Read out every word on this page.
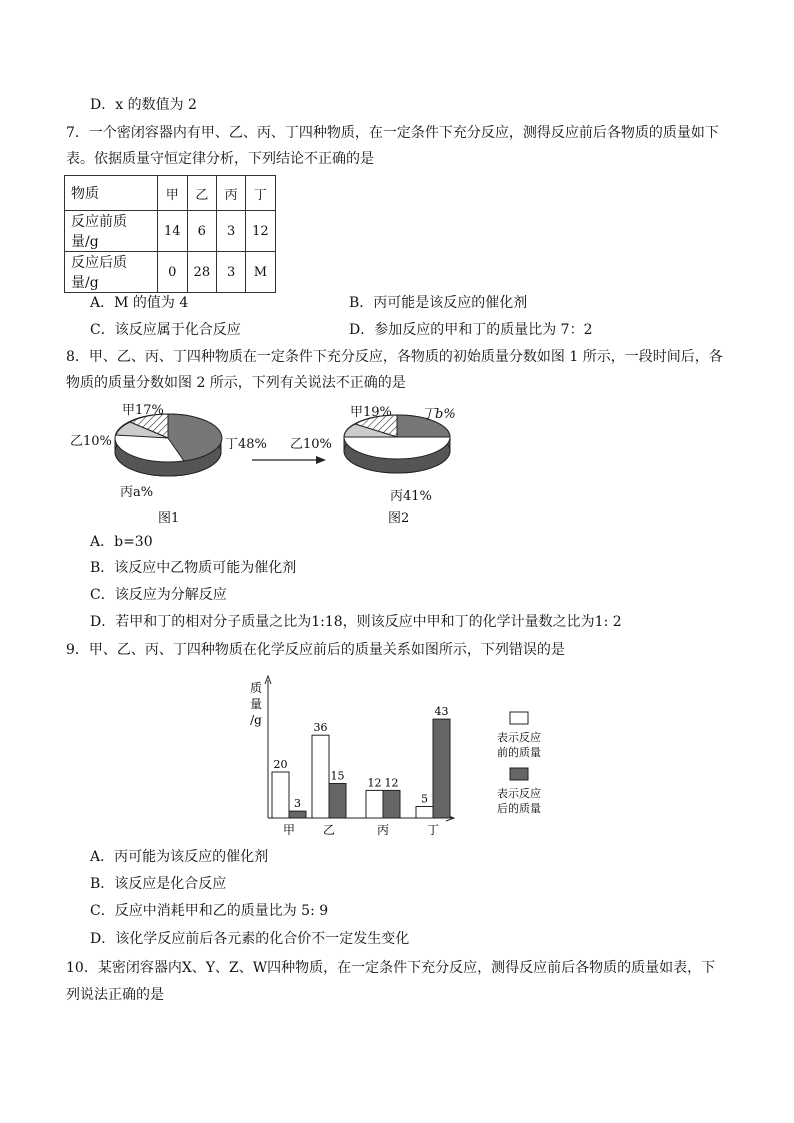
D．x 的数值为 2
7．一个密闭容器内有甲、乙、丙、丁四种物质，在一定条件下充分反应，测得反应前后各物质的质量如下
表。依据质量守恒定律分析，下列结论不正确的是
物质	甲	乙	丙	丁
反应前质量/g	14	6	3	12
反应后质量/g	0	28	3	M
A．M 的值为 4	B．丙可能是该反应的催化剂
C．该反应属于化合反应	D．参加反应的甲和丁的质量比为 7：2
8．甲、乙、丙、丁四种物质在一定条件下充分反应，各物质的初始质量分数如图 1 所示，一段时间后，各
物质的质量分数如图 2 所示，下列有关说法不正确的是
甲17%
乙10%	丁48%
丙a%
图1
甲19% 丁b%
乙10%
丙41%
图2
A．b=30
B．该反应中乙物质可能为催化剂
C．该反应为分解反应
D．若甲和丁的相对分子质量之比为1:18，则该反应中甲和丁的化学计量数之比为1: 2
9．甲、乙、丙、丁四种物质在化学反应前后的质量关系如图所示，下列错误的是
质
量
/g
20
3
36
15
12 12
5
43
甲 乙	丙	丁
表示反应
前的质量
表示反应
后的质量
A．丙可能为该反应的催化剂
B．该反应是化合反应
C．反应中消耗甲和乙的质量比为 5: 9
D．该化学反应前后各元素的化合价不一定发生变化
10．某密闭容器内X、Y、Z、W四种物质，在一定条件下充分反应，测得反应前后各物质的质量如表，下
列说法正确的是
